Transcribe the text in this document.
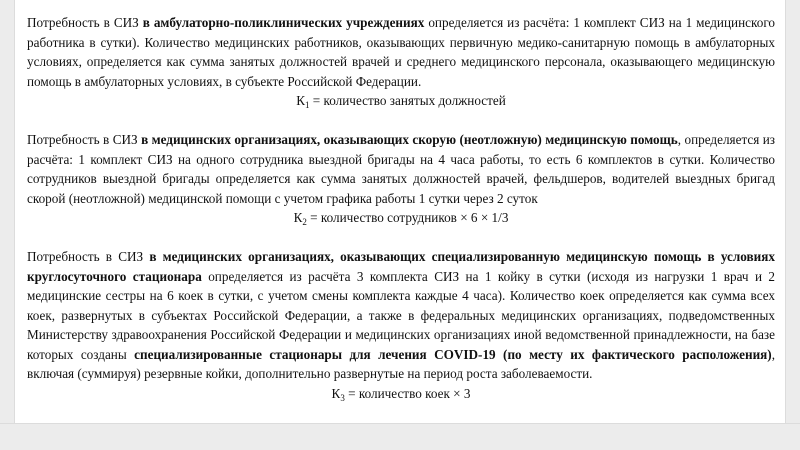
Потребность в СИЗ в амбулаторно-поликлинических учреждениях определяется из расчёта: 1 комплект СИЗ на 1 медицинского работника в сутки). Количество медицинских работников, оказывающих первичную медико-санитарную помощь в амбулаторных условиях, определяется как сумма занятых должностей врачей и среднего медицинского персонала, оказывающего медицинскую помощь в амбулаторных условиях, в субъекте Российской Федерации.

$К_1$ = количество занятых должностей

Потребность в СИЗ в медицинских организациях, оказывающих скорую (неотложную) медицинскую помощь, определяется из расчёта: 1 комплект СИЗ на одного сотрудника выездной бригады на 4 часа работы, то есть 6 комплектов в сутки. Количество сотрудников выездной бригады определяется как сумма занятых должностей врачей, фельдшеров, водителей выездных бригад скорой (неотложной) медицинской помощи с учетом графика работы 1 сутки через 2 суток

$К_2$ = количество сотрудников × 6 × 1/3

Потребность в СИЗ в медицинских организациях, оказывающих специализированную медицинскую помощь в условиях круглосуточного стационара определяется из расчёта 3 комплекта СИЗ на 1 койку в сутки (исходя из нагрузки 1 врач и 2 медицинские сестры на 6 коек в сутки, с учетом смены комплекта каждые 4 часа). Количество коек определяется как сумма всех коек, развернутых в субъектах Российской Федерации, а также в федеральных медицинских организациях, подведомственных Министерству здравоохранения Российской Федерации и медицинских организациях иной ведомственной принадлежности, на базе которых созданы специализированные стационары для лечения COVID-19 (по месту их фактического расположения), включая (суммируя) резервные койки, дополнительно развернутые на период роста заболеваемости.

$К_3$ = количество коек × 3
